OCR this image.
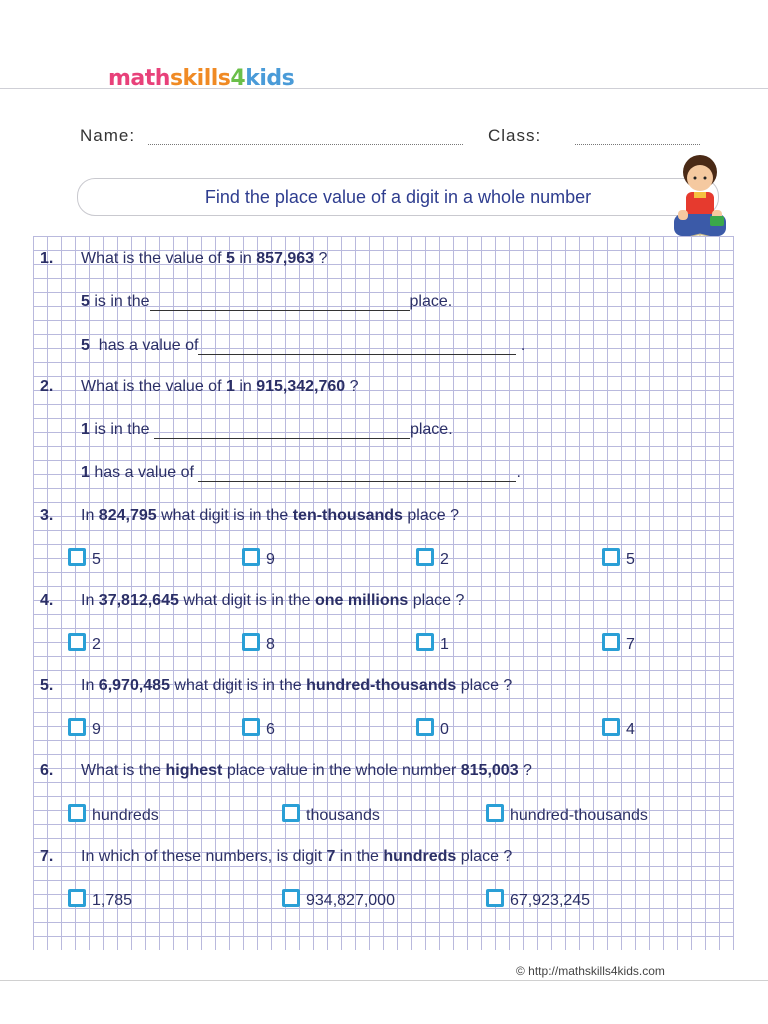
mathskills4kids
Name:	Class:
Find the place value of a digit in a whole number
1. What is the value of 5 in 857,963 ?
5 is in the	place.
5 has a value of	.
2. What is the value of 1 in 915,342,760 ?
1 is in the	place.
1 has a value of	.
3. In 824,795 what digit is in the ten-thousands place ?
5	9	2	5
4. In 37,812,645 what digit is in the one millions place ?
2	8	1	7
5. In 6,970,485 what digit is in the hundred-thousands place ?
9	6	0	4
6. What is the highest place value in the whole number 815,003 ?
hundreds	thousands	hundred-thousands
7. In which of these numbers, is digit 7 in the hundreds place ?
1,785	934,827,000	67,923,245
© http://mathskills4kids.com
